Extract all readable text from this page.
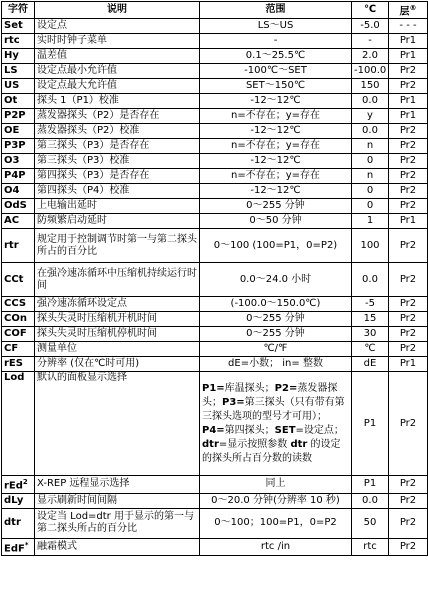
字符	说明	范围	℃	层®
Set	设定点	LS～US	-5.0	- - -
rtc	实时时钟子菜单	-	-	Pr1
Hy	温差值	0.1～25.5℃	2.0	Pr1
LS	设定点最小允许值	-100℃～SET	-100.0	Pr2
US	设定点最大允许值	SET～150℃	150	Pr2
Ot	探头 1（P1）校准	-12～12℃	0.0	Pr1
P2P	蒸发器探头（P2）是否存在	n=不存在；y=存在	y	Pr1
OE	蒸发器探头（P2）校准	-12～12℃	0.0	Pr2
P3P	第三探头（P3）是否存在	n=不存在；y=存在	n	Pr2
O3	第三探头（P3）校准	-12～12℃	0	Pr2
P4P	第四探头（P3）是否存在	n=不存在；y=存在	n	Pr2
O4	第四探头（P4）校准	-12～12℃	0	Pr2
OdS	上电输出延时	0～255 分钟	0	Pr2
AC	防频繁启动延时	0～50 分钟	1	Pr1
rtr	规定用于控制调节时第一与第二探头所占的百分比	0～100 (100=P1，0=P2)	100	Pr2
CCt	在强冷速冻循环中压缩机持续运行时间	0.0～24.0 小时	0.0	Pr2
CCS	强冷速冻循环设定点	(-100.0～150.0℃)	-5	Pr2
COn	探头失灵时压缩机开机时间	0～255 分钟	15	Pr2
COF	探头失灵时压缩机停机时间	0～255 分钟	30	Pr2
CF	测量单位	℃/℉	℃	Pr2
rES	分辨率 (仅在℃时可用)	dE=小数； in= 整数	dE	Pr1
Lod	默认的面板显示选择	P1=库温探头；P2=蒸发器探头；P3=第三探头（只有带有第三探头选项的型号才可用）；P4=第四探头；SET=设定点；dtr=显示按照参数 dtr 的设定的探头所占百分数的读数	P1	Pr2
rEd$^2$	X-REP 远程显示选择	同上	P1	Pr2
dLy	显示刷新时间间隔	0～20.0 分钟(分辨率 10 秒)	0.0	Pr2
dtr	设定当 Lod=dtr 用于显示的第一与第二探头所占的百分比	0～100；100=P1，0=P2	50	Pr2
EdF*	融霜模式	rtc /in	rtc	Pr2
